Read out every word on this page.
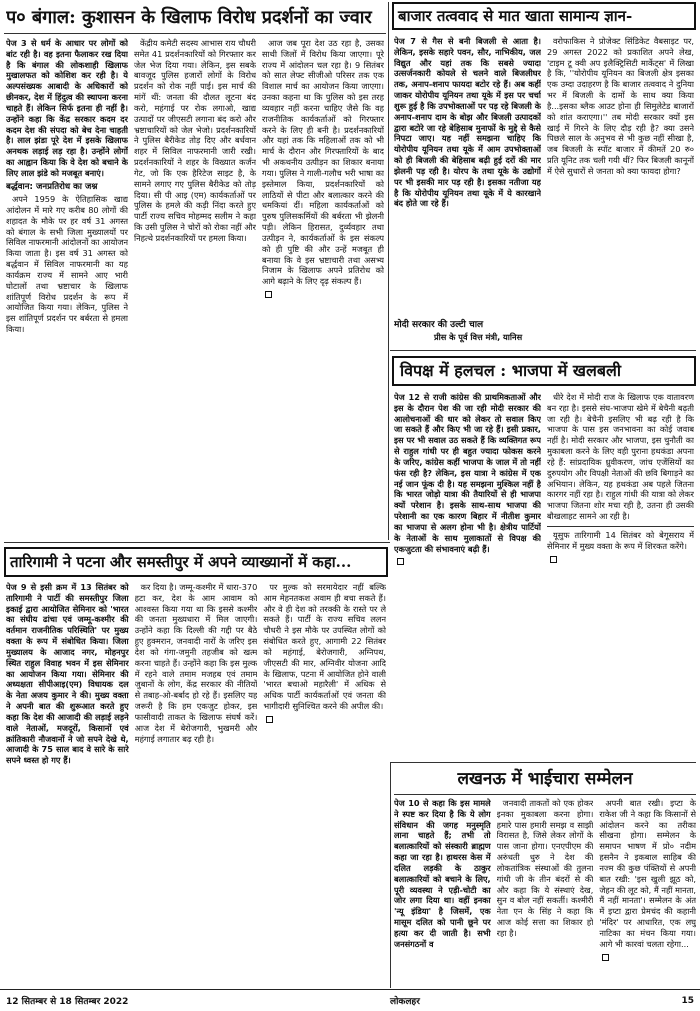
प० बंगाल: कुशासन के खिलाफ विरोध प्रदर्शनों का ज्वार

पेज 3 से धर्म के आधार पर लोगों को बांट रही है। वह इतना फैलाकर रख दिया है कि बंगाल की लोकशाही खिलाफ मुखालफत को कोशिश कर रही है। ये अल्पसंख्यक आबादी के अधिकारों को छीनकर, देश में हिंदुत्व की स्थापना करना चाहते हैं। लेकिन सिर्फ इतना ही नहीं है। उन्होंने कहा कि केंद्र सरकार कदम दर कदम देश की संपदा को बेच देना चाहती है। लाल झंडा पूरे देश में इसके खिलाफ अनथक लड़ाई लड़ रहा है। उन्होंने लोगों का आह्वान किया कि वे देश को बचाने के लिए लाल झंडे को मजबूत बनाएं।

बर्द्धवान: जनप्रतिरोध का जश्न

अपने 1959 के ऐतिहासिक खाद्य आंदोलन में मारे गए करीब 80 लोगों की शहादत के मौके पर हर वर्ष 31 अगस्त को बंगाल के सभी जिला मुख्यालयों पर सिविल नाफरमानी आंदोलनों का आयोजन किया जाता है। इस वर्ष 31 अगस्त को बर्द्धवान में सिविल नाफरमानी का यह कार्यक्रम राज्य में सामने आए भारी घोटालों तथा भ्रष्टाचार के खिलाफ शांतिपूर्ण विरोध प्रदर्शन के रूप में आयोजित किया गया। लेकिन, पुलिस ने इस शांतिपूर्ण प्रदर्शन पर बर्बरता से हमला किया।

केंद्रीय कमेटी सदस्य आभास राय चौधरी समेत 41 प्रदर्शनकारियों को गिरफ्तार कर जेल भेज दिया गया। लेकिन, इस सबके बावजूद पुलिस हजारों लोगों के विरोध प्रदर्शन को रोक नहीं पाई। इस मार्च की मांगें थीं: जनता की दौलत लूटना बंद करो, महंगाई पर रोक लगाओ, खाद्य उत्पादों पर जीएसटी लगाना बंद करो और भ्रष्टाचारियों को जेल भेजो। प्रदर्शनकारियों ने पुलिस बैरीकेड तोड़ दिए और बर्धवान शहर में सिविल नाफरमानी जारी रखी। प्रदर्शनकारियों ने शहर के विख्यात कर्जन गेट, जो कि एक हैरिटेज साइट है, के सामने लगाए गए पुलिस बैरीकेड को तोड़ दिया। सी पी आइ (एम) कार्यकर्ताओं पर पुलिस के हमले की कड़ी निंदा करते हुए पार्टी राज्य सचिव मोहम्मद सलीम ने कहा कि उसी पुलिस ने चोरों को रोका नहीं और निहत्थे प्रदर्शनकारियों पर हमला किया।

आज जब पूरा देश उठ रहा है, उसका साथी जिलों में विरोध किया जाएगा। पूरे राज्य में आंदोलन चल रहा है। 9 सितंबर को सात लेफ्ट सीजीओ परिसर तक एक विशाल मार्च का आयोजन किया जाएगा। उनका कहना था कि पुलिस को इस तरह व्यवहार नहीं करना चाहिए जैसे कि वह राजनीतिक कार्यकर्ताओं को गिरफ्तार करने के लिए ही बनी है। प्रदर्शनकारियों और यहां तक कि महिलाओं तक को भी मार्च के दौरान और गिरफ्तारियों के बाद भी अकथनीय उत्पीड़न का शिकार बनाया गया। पुलिस ने गाली-गलौच भरी भाषा का इस्तेमाल किया, प्रदर्शनकारियों को लाठियों से पीटा और बलात्कार करने की धमकियां दीं। महिला कार्यकर्ताओं को पुरुष पुलिसकर्मियों की बर्बरता भी झेलनी पड़ी। लेकिन हिरासत, दुर्व्यवहार तथा उत्पीड़न ने, कार्यकर्ताओं के इस संकल्प को ही पुष्टि की और उन्हें मजबूत ही बनाया कि वे इस भ्रष्टाचारी तथा असभ्य निजाम के खिलाफ अपने प्रतिरोध को आगे बढ़ाने के लिए दृढ़ संकल्प हैं।

बाजार तत्ववाद से मात खाता सामान्य ज्ञान-

पेज 7 से गैस से बनी बिजली से आता है। लेकिन, इसके सहारे पवन, सौर, नाभिकीय, जल विद्युत और यहां तक कि सबसे ज्यादा उत्सर्जनकारी कोयले से चलने वाले बिजलीघर तक, अनाप-शनाप फायदा बटोर रहे हैं। अब कहीं जाकर योरोपीय यूनियन तथा यूके में इस पर चर्चा शुरू हुई है कि उपभोक्ताओं पर पड़ रहे बिजली के अनाप-शनाप दाम के बोझ और बिजली उत्पादकों द्वारा बटोरे जा रहे बेहिसाब मुनाफों के मुद्दे से कैसे निपटा जाए। यह नहीं समझना चाहिए कि योरोपीय यूनियन तथा यूके में आम उपभोक्ताओं को ही बिजली की बेहिसाब बढ़ी हुई दरों की मार झेलनी पड़ रही है। योरप के तथा यूके के उद्योगों पर भी इसकी मार पड़ रही है। इसका नतीजा यह है कि योरोपीय यूनियन तथा यूके में ये कारखाने बंद होते जा रहे हैं।

वरोफाकिस ने प्रोजेक्ट सिंडिकेट वैबसाइट पर, 29 अगस्त 2022 को प्रकाशित अपने लेख, 'टाइम टू क्वी अप इलैक्ट्रिसिटी मार्केट्स' में लिखा है कि, ''योरोपीय यूनियन का बिजली क्षेत्र इसका एक उम्दा उदाहरण है कि बाजार तत्ववाद ने दुनिया भर में बिजली के दामों के साथ क्या किया है...इसका ब्लैक आउट होना ही सिमुलेटेड बाजारों को शांत कराएगा।'' तब मोदी सरकार क्यों इस खाई में गिरने के लिए दौड़ रही है? क्या उसने पिछले साल के अनुभव से भी कुछ नहीं सीखा है, जब बिजली के स्पॉट बाजार में कीमतें 20 रु० प्रति यूनिट तक चली गयी थीं? फिर बिजली कानूनों में ऐसे सुधारों से जनता को क्या फायदा होगा?

मोदी सरकार की उल्टी चाल
प्रीस के पूर्व वित्त मंत्री, यानिस
विपक्ष में हलचल : भाजपा में खलबली

पेज 12 से राजी कांग्रेस की प्राथमिकताओं और इस के दौरान पेश की जा रही मोदी सरकार की आलोचनाओं की धार को लेकर तो सवाल किए जा सकते हैं और किए भी जा रहे हैं। इसी प्रकार, इस पर भी सवाल उठ सकते हैं कि व्यक्तिगत रूप से राहुल गांधी पर ही बहुत ज्यादा फोकस करने के जरिए, कांग्रेस कहीं भाजपा के जाल में तो नहीं फंस रही है? लेकिन, इस यात्रा ने कांग्रेस में एक नई जान फूंक दी है। यह समझना मुश्किल नहीं है कि भारत जोड़ो यात्रा की तैयारियों से ही भाजपा क्यों परेशान है। इसके साथ-साथ भाजपा की परेशानी का एक कारण बिहार में नीतीश कुमार का भाजपा से अलग होना भी है। क्षेत्रीय पार्टियों के नेताओं के साथ मुलाकातों से विपक्ष की एकजुटता की संभावनाएं बढ़ी हैं।

धीरे देश में मोदी राज के खिलाफ एक वातावरण बन रहा है। इससे संघ-भाजपा खेमे में बेचैनी बढ़ती जा रही है। बेचैनी इसलिए भी बढ़ रही है कि भाजपा के पास इस जनभावना का कोई जवाब नहीं है। मोदी सरकार और भाजपा, इस चुनौती का मुकाबला करने के लिए वही पुराना हथकंडा अपना रहे हैं: सांप्रदायिक ध्रुवीकरण, जांच एजेंसियों का दुरुपयोग और विपक्षी नेताओं की छवि बिगाड़ने का अभियान। लेकिन, यह हथकंडा अब पहले जितना कारगर नहीं रहा है। राहुल गांधी की यात्रा को लेकर भाजपा जितना शोर मचा रही है, उतना ही उसकी बौखलाहट सामने आ रही है।

यूसुफ तारिगामी 14 सितंबर को बेगूसराय में सेमिनार में मुख्य वक्ता के रूप में शिरकत करेंगे।

तारिगामी ने पटना और समस्तीपुर में अपने व्याख्यानों में कहा...

पेज 9 से इसी क्रम में 13 सितंबर को तारिगामी ने पार्टी की समस्तीपुर जिला इकाई द्वारा आयोजित सेमिनार को 'भारत का संघीय ढांचा एवं जम्मू-कश्मीर की वर्तमान राजनीतिक परिस्थिति' पर मुख्य वक्ता के रूप में संबोधित किया। जिला मुख्यालय के आजाद नगर, मोहनपुर स्थित राहुल विवाह भवन में इस सेमिनार का आयोजन किया गया। सेमिनार की अध्यक्षता सीपीआइ(एम) विधायक दल के नेता अजय कुमार ने की। मुख्य वक्ता ने अपनी बात की शुरूआत करते हुए कहा कि देश की आजादी की लड़ाई लड़ने वाले नेताओं, मजदूरों, किसानों एवं क्रांतिकारी नौजवानों ने जो सपने देखे थे, आजादी के 75 साल बाद वे सारे के सारे सपने ध्वस्त हो गए हैं।

कर दिया है। जम्मू-कश्मीर में धारा-370 हटा कर, देश के आम आवाम को आश्वस्त किया गया था कि इससे कश्मीर की जनता मुख्यधारा में मिल जाएगी। उन्होंने कहा कि दिल्ली की गद्दी पर बैठे हुए हुक्मरान, जनवादी नारों के जरिए इस देश को गंगा-जमुनी तहजीब को खत्म करना चाहते हैं। उन्होंने कहा कि इस मुल्क में रहने वाले तमाम मजहब एवं तमाम जुबानों के लोग, केंद्र सरकार की नीतियों से तबाह-ओ-बर्बाद हो रहे हैं। इसलिए यह जरूरी है कि हम एकजुट होकर, इस फासीवादी ताकत के खिलाफ संघर्ष करें। आज देश में बेरोजगारी, भुखमरी और महंगाई लगातार बढ़ रही है।

पर मुल्क को सरमायेदार नहीं बल्कि आम मेहनतकश अवाम ही बचा सकते हैं। और वे ही देश को तरक्की के रास्ते पर ले सकते हैं। पार्टी के राज्य सचिव ललन चौधरी ने इस मौके पर उपस्थित लोगों को संबोधित करते हुए, आगामी 22 सितंबर को महंगाई, बेरोजगारी, अग्निपथ, जीएसटी की मार, अग्निवीर योजना आदि के खिलाफ, पटना में आयोजित होने वाली 'भारत बचाओ महारैली' में अधिक से अधिक पार्टी कार्यकर्ताओं एवं जनता की भागीदारी सुनिश्चित करने की अपील की।

लखनऊ में भाईचारा सम्मेलन

पेज 10 से कहा कि इस मामले ने स्पष्ट कर दिया है कि ये लोग संविधान की जगह मनुस्मृति लाना चाहते हैं; तभी तो बलात्कारियों को संस्कारी ब्राह्मण कहा जा रहा है। हाथरस केस में दलित लड़की के ठाकुर बलात्कारियों को बचाने के लिए, पूरी व्यवस्था ने एड़ी-चोटी का जोर लगा दिया था। वहीं इनका 'न्यू इंडिया' है जिसमें, एक मासूम दलित को पानी छूने पर हत्या कर दी जाती है। सभी जनसंगठनों व

जनवादी ताकतों को एक होकर इनका मुकाबला करना होगा। हमारे पास हमारी समझ व साझी विरासत है, जिसे लेकर लोगों के पास जाना होगा। एनएपीएम की अरुंधती धुरु ने देश की लोकतांत्रिक संस्थाओं की तुलना गांधी जी के तीन बंदरों से की और कहा कि ये संस्थाएं देख, सुन व बोल नहीं सकतीं। कश्मीरी नेता एन के सिंह ने कहा कि आज कोई सत्ता का शिकार हो रहा है।

अपनी बात रखी। इप्टा के राकेश जी ने कहा कि किसानों से आंदोलन करने का तरीका सीखना होगा। सम्मेलन के समापन भाषण में प्रो० नदीम हसनैन ने इकबाल साहिब की नज्म की कुछ पंक्तियों से अपनी बात रखी: 'इस खुली झूठ को, जेहन की लूट को, मैं नहीं मानता, मैं नहीं मानता'। सम्मेलन के अंत में इप्टा द्वारा प्रेमचंद की कहानी 'मंदिर' पर आधारित, एक लघु नाटिका का मंचन किया गया। आगे भी कारवां चलता रहेगा...

12 सितम्बर से 18 सितम्बर 2022	लोकलहर	15
